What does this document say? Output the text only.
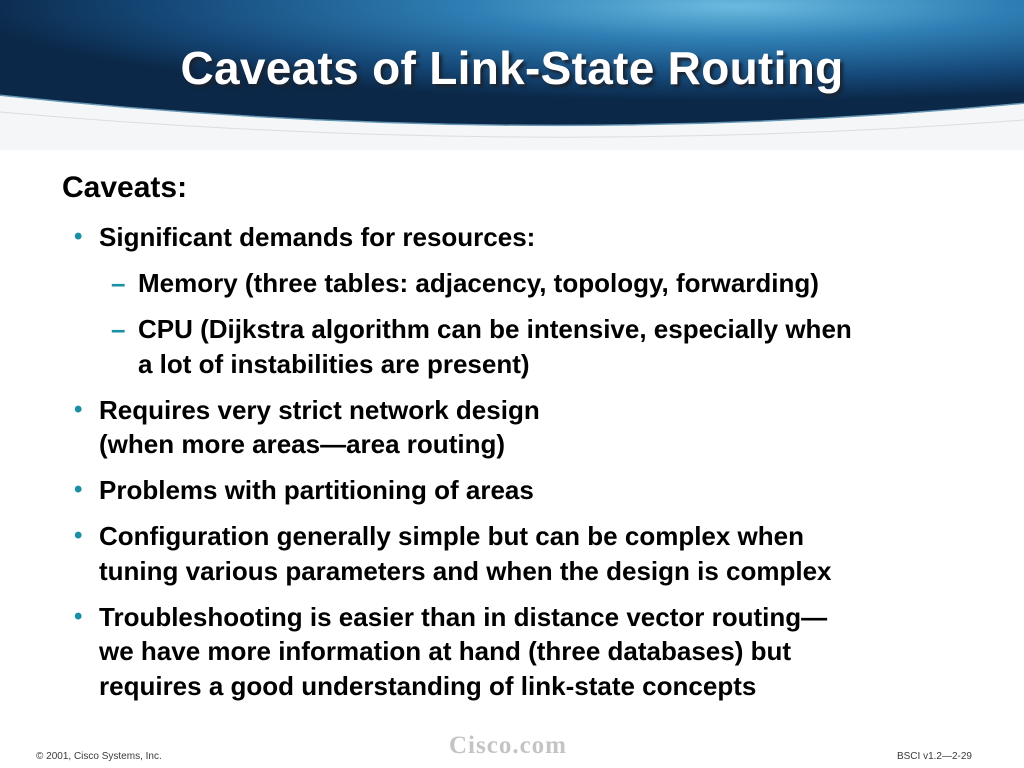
Caveats of Link-State Routing
Caveats:
• Significant demands for resources:
– Memory (three tables: adjacency, topology, forwarding)
– CPU (Dijkstra algorithm can be intensive, especially when
a lot of instabilities are present)
• Requires very strict network design
(when more areas—area routing)
• Problems with partitioning of areas
• Configuration generally simple but can be complex when
tuning various parameters and when the design is complex
• Troubleshooting is easier than in distance vector routing—
we have more information at hand (three databases) but
requires a good understanding of link-state concepts
© 2001, Cisco Systems, Inc.	Cisco.com	BSCI v1.2—2-29
